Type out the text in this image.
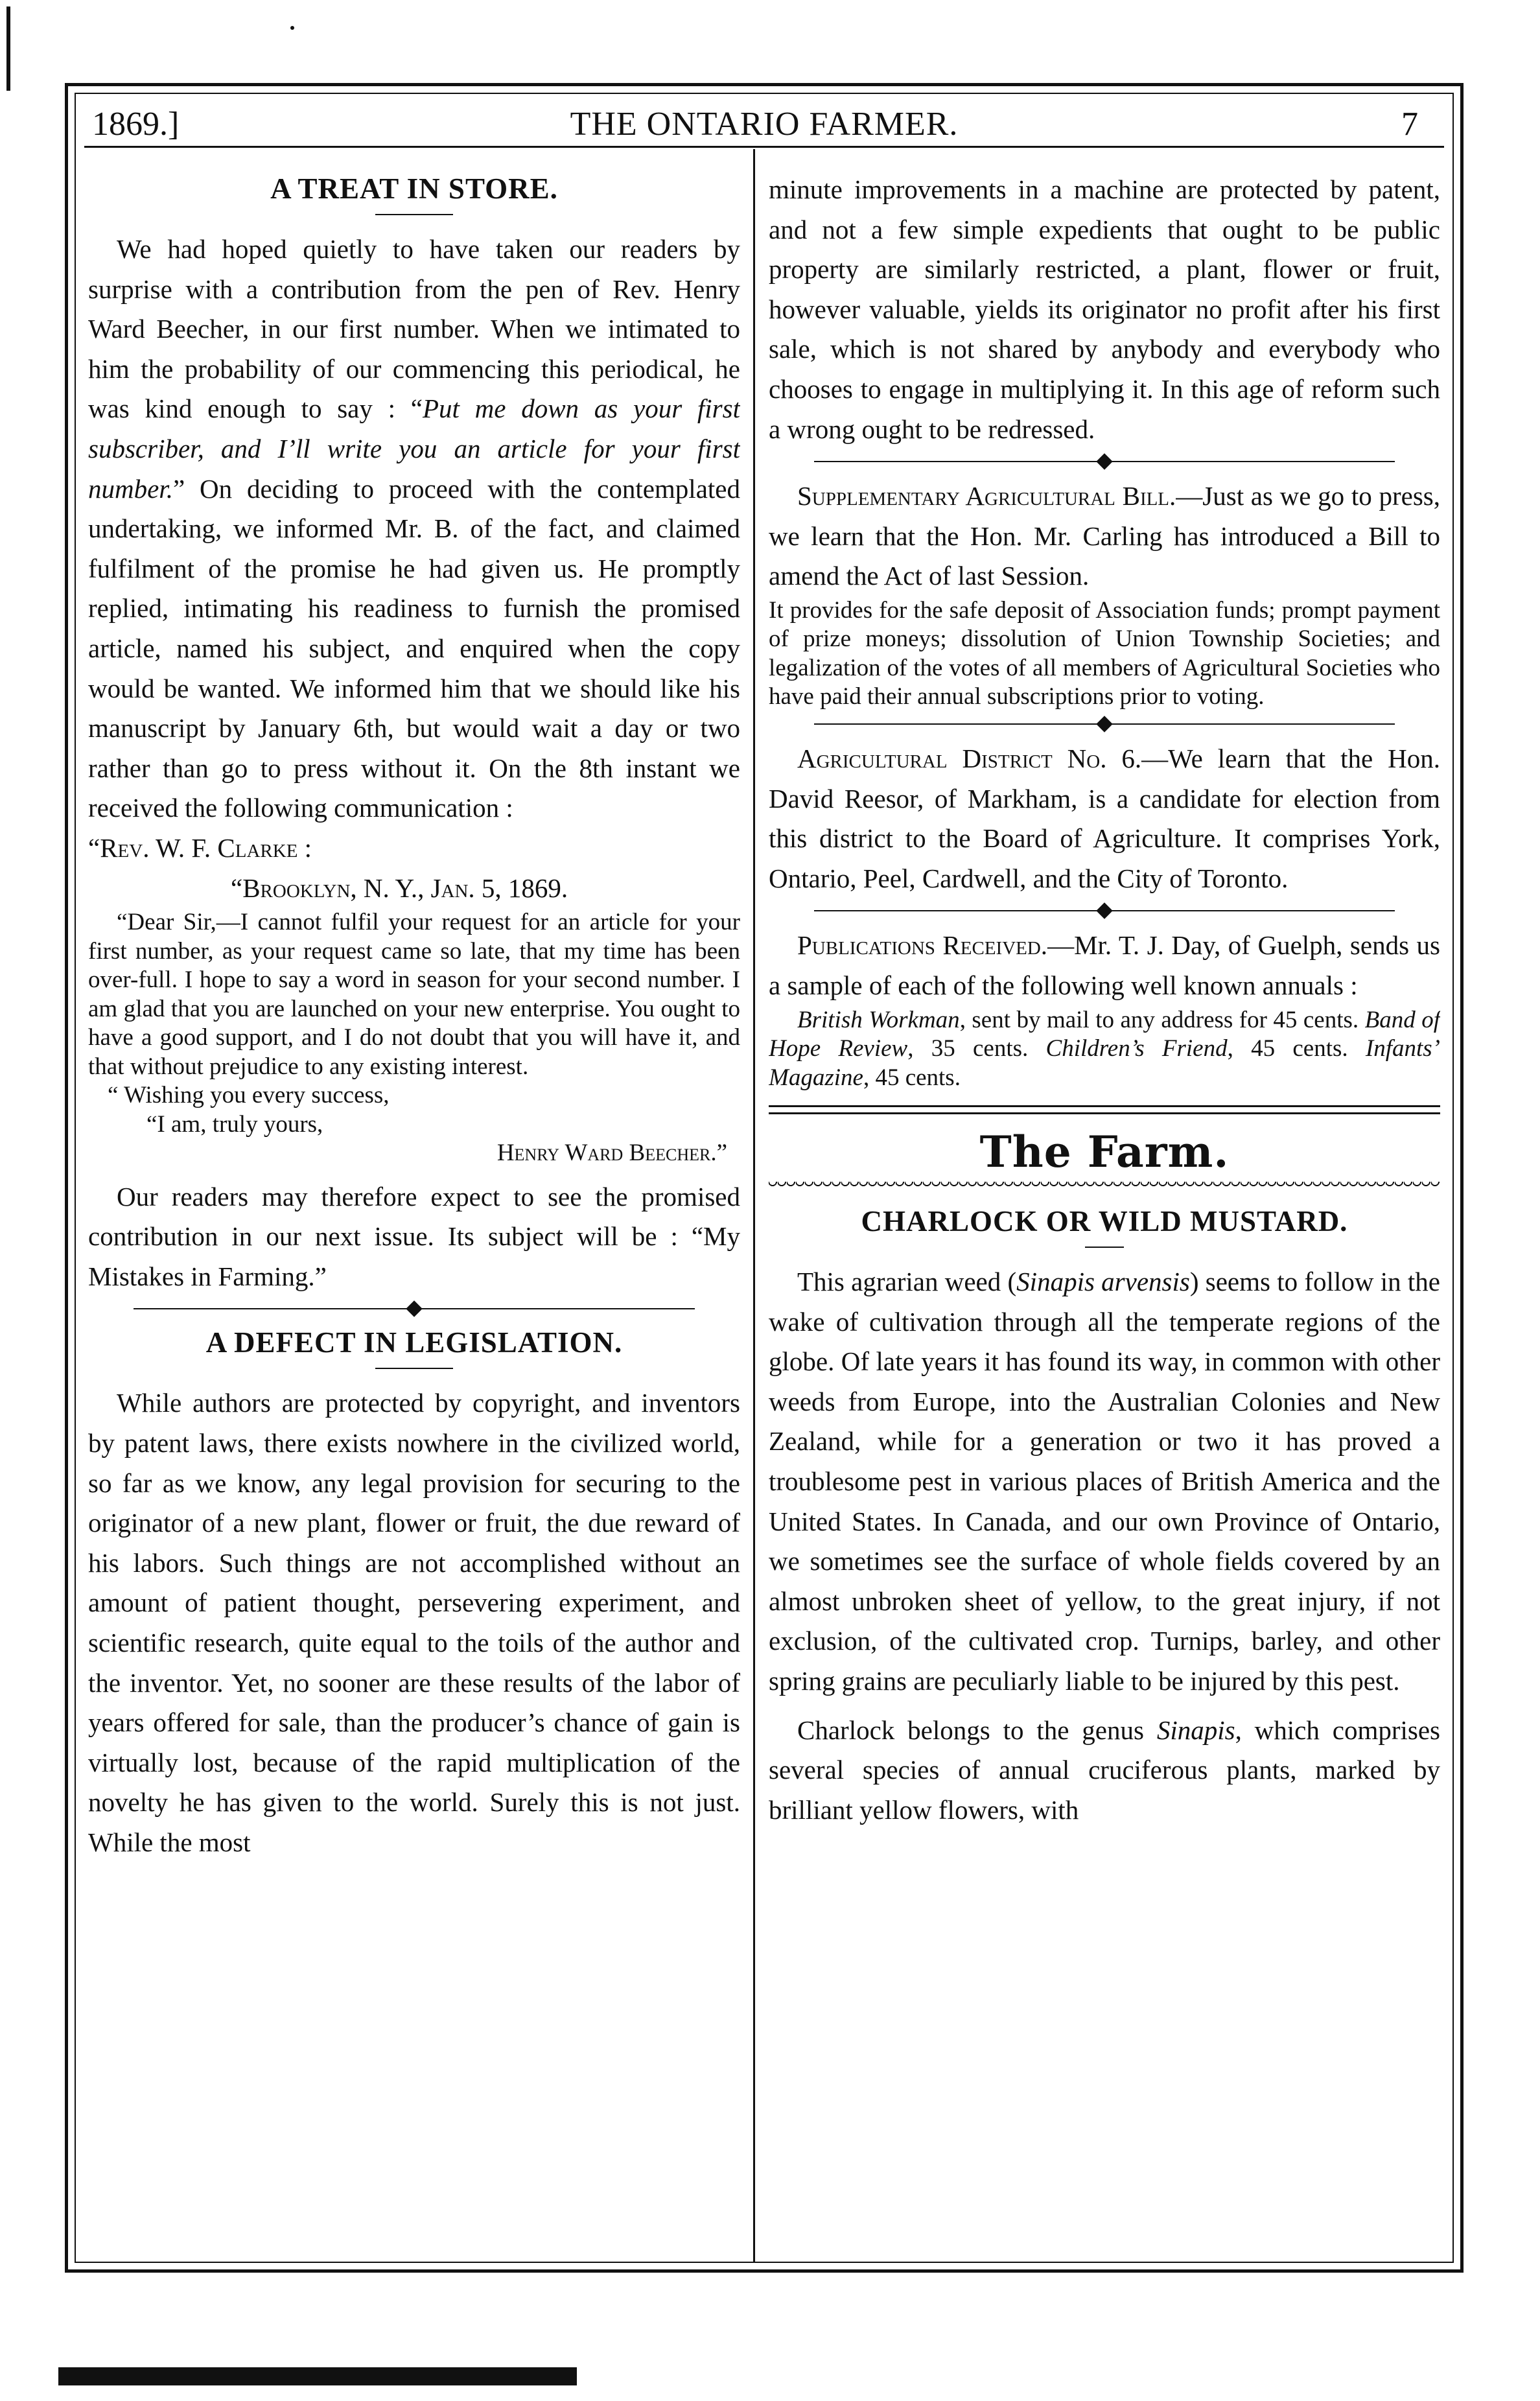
1869.]	THE ONTARIO FARMER.	7
A TREAT IN STORE.

We had hoped quietly to have taken our readers by surprise with a contribution from the pen of Rev. Henry Ward Beecher, in our first number. When we intimated to him the probability of our commencing this periodical, he was kind enough to say : “Put me down as your first subscriber, and I’ll write you an article for your first number.” On deciding to proceed with the contemplated undertaking, we informed Mr. B. of the fact, and claimed fulfilment of the promise he had given us. He promptly replied, intimating his readiness to furnish the promised article, named his subject, and enquired when the copy would be wanted. We informed him that we should like his manuscript by January 6th, but would wait a day or two rather than go to press without it. On the 8th instant we received the following communication :

“Rev. W. F. Clarke :

“Brooklyn, N. Y., Jan. 5, 1869.

“Dear Sir,—I cannot fulfil your request for an article for your first number, as your request came so late, that my time has been over-full. I hope to say a word in season for your second number. I am glad that you are launched on your new enterprise. You ought to have a good support, and I do not doubt that you will have it, and that without prejudice to any existing interest.

“ Wishing you every success,

“I am, truly yours,

Henry Ward Beecher.”

Our readers may therefore expect to see the promised contribution in our next issue. Its subject will be : “My Mistakes in Farming.”

A DEFECT IN LEGISLATION.

While authors are protected by copyright, and inventors by patent laws, there exists nowhere in the civilized world, so far as we know, any legal provision for securing to the originator of a new plant, flower or fruit, the due reward of his labors. Such things are not accomplished without an amount of patient thought, persevering experiment, and scientific research, quite equal to the toils of the author and the inventor. Yet, no sooner are these results of the labor of years offered for sale, than the producer’s chance of gain is virtually lost, because of the rapid multiplication of the novelty he has given to the world. Surely this is not just. While the most

minute improvements in a machine are protected by patent, and not a few simple expedients that ought to be public property are similarly restricted, a plant, flower or fruit, however valuable, yields its originator no profit after his first sale, which is not shared by anybody and everybody who chooses to engage in multiplying it. In this age of reform such a wrong ought to be redressed.

Supplementary Agricultural Bill.—Just as we go to press, we learn that the Hon. Mr. Carling has introduced a Bill to amend the Act of last Session.

It provides for the safe deposit of Association funds; prompt payment of prize moneys; dissolution of Union Township Societies; and legalization of the votes of all members of Agricultural Societies who have paid their annual subscriptions prior to voting.

Agricultural District No. 6.—We learn that the Hon. David Reesor, of Markham, is a candidate for election from this district to the Board of Agriculture. It comprises York, Ontario, Peel, Cardwell, and the City of Toronto.

Publications Received.—Mr. T. J. Day, of Guelph, sends us a sample of each of the following well known annuals :

British Workman, sent by mail to any address for 45 cents. Band of Hope Review, 35 cents. Children’s Friend, 45 cents. Infants’ Magazine, 45 cents.

The Farm.
CHARLOCK OR WILD MUSTARD.

This agrarian weed (Sinapis arvensis) seems to follow in the wake of cultivation through all the temperate regions of the globe. Of late years it has found its way, in common with other weeds from Europe, into the Australian Colonies and New Zealand, while for a generation or two it has proved a troublesome pest in various places of British America and the United States. In Canada, and our own Province of Ontario, we sometimes see the surface of whole fields covered by an almost unbroken sheet of yellow, to the great injury, if not exclusion, of the cultivated crop. Turnips, barley, and other spring grains are peculiarly liable to be injured by this pest.

Charlock belongs to the genus Sinapis, which comprises several species of annual cruciferous plants, marked by brilliant yellow flowers, with
